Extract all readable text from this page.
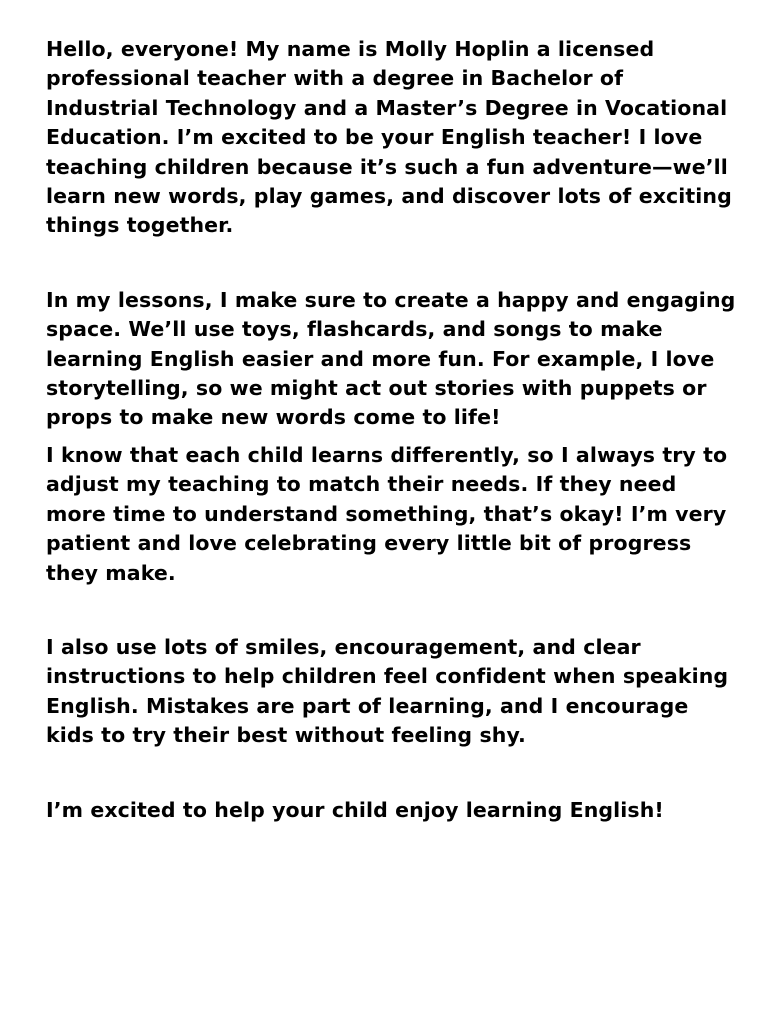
Hello, everyone! My name is Molly Hoplin a licensed professional teacher with a degree in Bachelor of Industrial Technology and a Master’s Degree in Vocational Education. I’m excited to be your English teacher! I love teaching children because it’s such a fun adventure—we’ll learn new words, play games, and discover lots of exciting things together.

In my lessons, I make sure to create a happy and engaging space. We’ll use toys, flashcards, and songs to make learning English easier and more fun. For example, I love storytelling, so we might act out stories with puppets or props to make new words come to life!

I know that each child learns differently, so I always try to adjust my teaching to match their needs. If they need more time to understand something, that’s okay! I’m very patient and love celebrating every little bit of progress they make.

I also use lots of smiles, encouragement, and clear instructions to help children feel confident when speaking English. Mistakes are part of learning, and I encourage kids to try their best without feeling shy.

I’m excited to help your child enjoy learning English!
